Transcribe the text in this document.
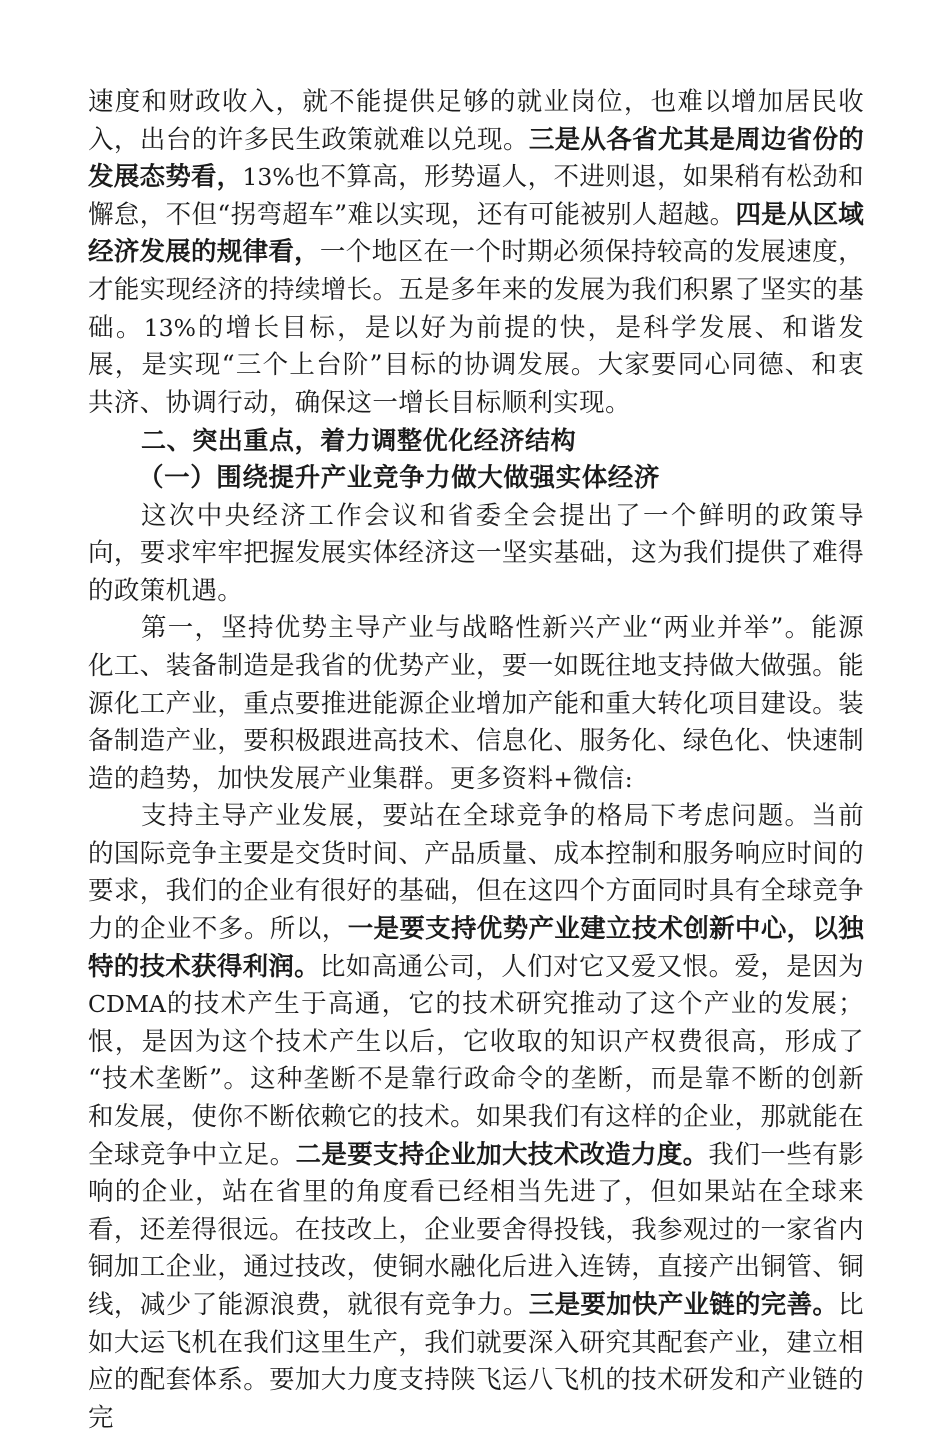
速度和财政收入，就不能提供足够的就业岗位，也难以增加居民收入，出台的许多民生政策就难以兑现。三是从各省尤其是周边省份的发展态势看，13%也不算高，形势逼人，不进则退，如果稍有松劲和懈怠，不但“拐弯超车”难以实现，还有可能被别人超越。四是从区域经济发展的规律看，一个地区在一个时期必须保持较高的发展速度，才能实现经济的持续增长。五是多年来的发展为我们积累了坚实的基础。13%的增长目标，是以好为前提的快，是科学发展、和谐发展，是实现“三个上台阶”目标的协调发展。大家要同心同德、和衷共济、协调行动，确保这一增长目标顺利实现。

二、突出重点，着力调整优化经济结构

（一）围绕提升产业竞争力做大做强实体经济

这次中央经济工作会议和省委全会提出了一个鲜明的政策导向，要求牢牢把握发展实体经济这一坚实基础，这为我们提供了难得的政策机遇。

第一，坚持优势主导产业与战略性新兴产业“两业并举”。能源化工、装备制造是我省的优势产业，要一如既往地支持做大做强。能源化工产业，重点要推进能源企业增加产能和重大转化项目建设。装备制造产业，要积极跟进高技术、信息化、服务化、绿色化、快速制造的趋势，加快发展产业集群。更多资料+微信:

支持主导产业发展，要站在全球竞争的格局下考虑问题。当前的国际竞争主要是交货时间、产品质量、成本控制和服务响应时间的要求，我们的企业有很好的基础，但在这四个方面同时具有全球竞争力的企业不多。所以，一是要支持优势产业建立技术创新中心，以独特的技术获得利润。比如高通公司，人们对它又爱又恨。爱，是因为CDMA的技术产生于高通，它的技术研究推动了这个产业的发展；恨，是因为这个技术产生以后，它收取的知识产权费很高，形成了“技术垄断”。这种垄断不是靠行政命令的垄断，而是靠不断的创新和发展，使你不断依赖它的技术。如果我们有这样的企业，那就能在全球竞争中立足。二是要支持企业加大技术改造力度。我们一些有影响的企业，站在省里的角度看已经相当先进了，但如果站在全球来看，还差得很远。在技改上，企业要舍得投钱，我参观过的一家省内铜加工企业，通过技改，使铜水融化后进入连铸，直接产出铜管、铜线，减少了能源浪费，就很有竞争力。三是要加快产业链的完善。比如大运飞机在我们这里生产，我们就要深入研究其配套产业，建立相应的配套体系。要加大力度支持陕飞运八飞机的技术研发和产业链的完
